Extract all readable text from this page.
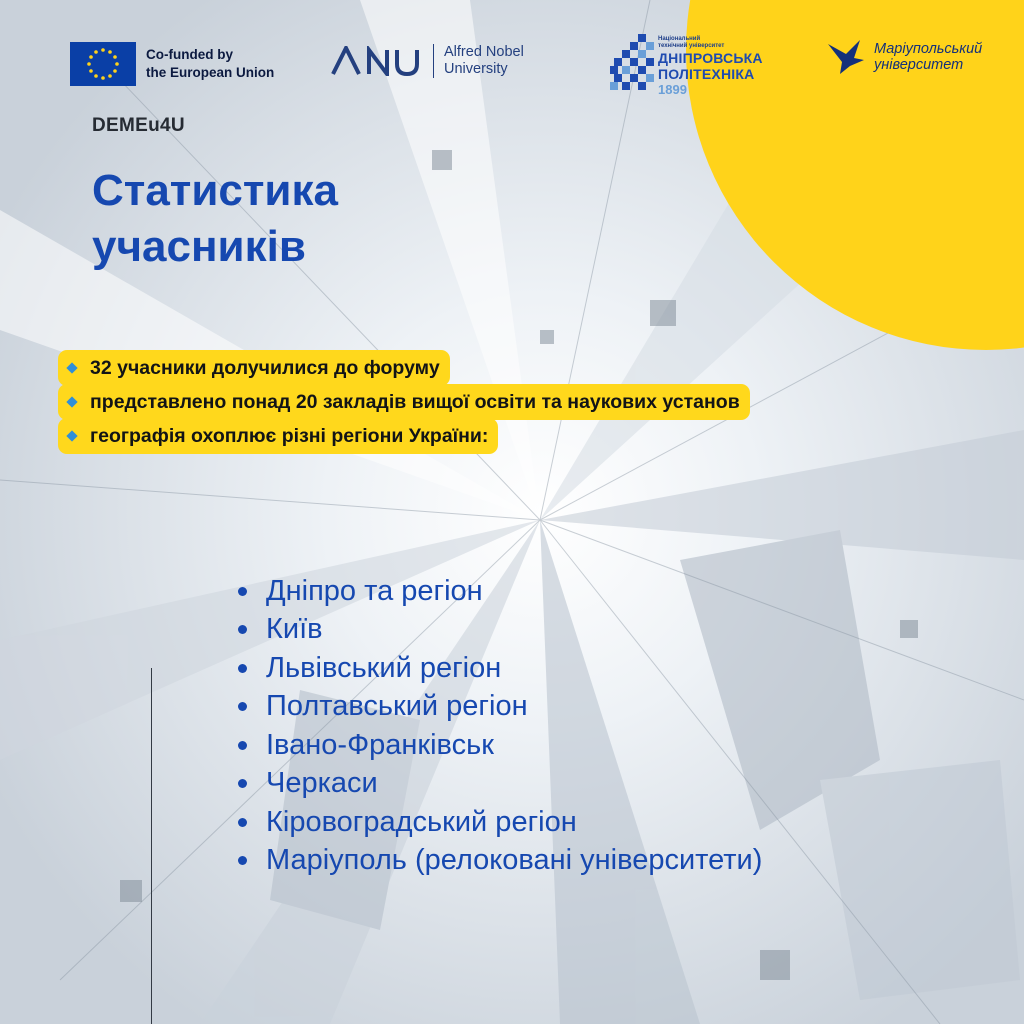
Co-funded by
the European Union
Alfred Nobel
University
Національний
технічний університет
ДНІПРОВСЬКА
ПОЛІТЕХНІКА
1899
Маріупольський
університет
DEMEu4U
Статистика
учасників
32 учасники долучилися до форуму
представлено понад 20 закладів вищої освіти та наукових установ
географія охоплює різні регіони України:
Дніпро та регіон
Київ
Львівський регіон
Полтавський регіон
Івано-Франківськ
Черкаси
Кіровоградський регіон
Маріуполь (релоковані університети)
